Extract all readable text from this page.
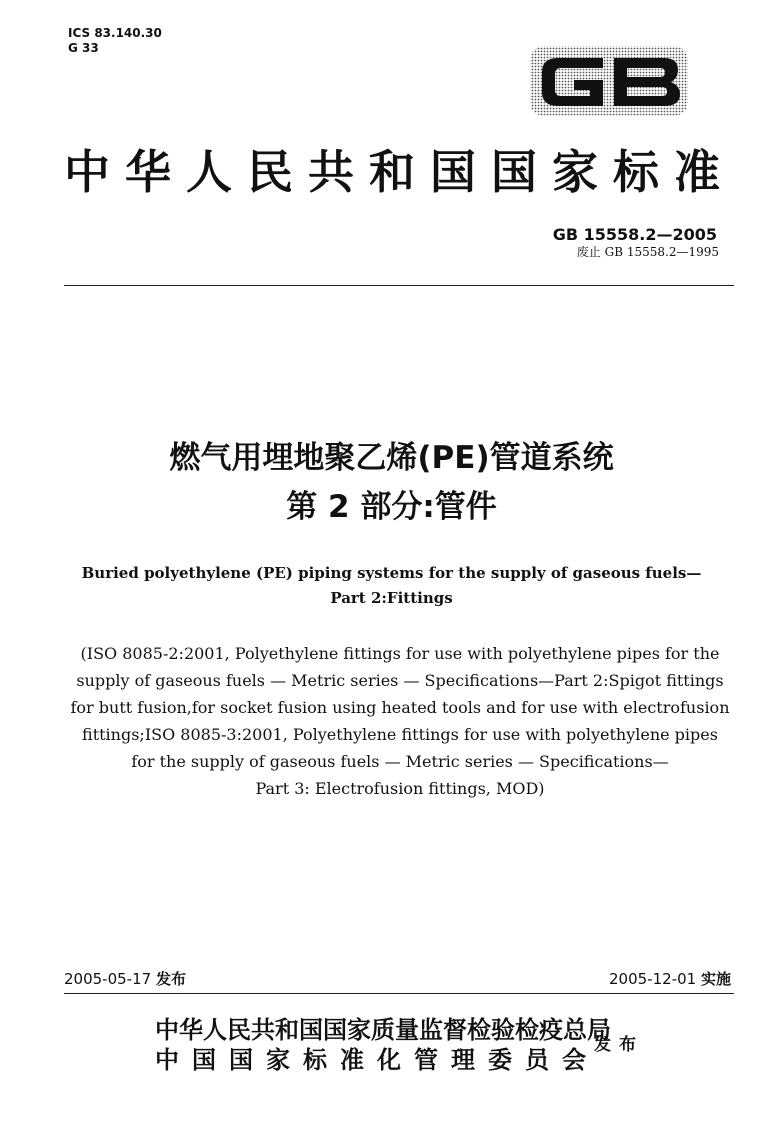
ICS 83.140.30
G 33
中华人民共和国国家标准
GB 15558.2—2005
废止 GB 15558.2—1995
燃气用埋地聚乙烯(PE)管道系统
第 2 部分:管件
Buried polyethylene (PE) piping systems for the supply of gaseous fuels—
Part 2:Fittings
(ISO 8085-2:2001, Polyethylene fittings for use with polyethylene pipes for the
supply of gaseous fuels — Metric series — Specifications—Part 2:Spigot fittings
for butt fusion,for socket fusion using heated tools and for use with electrofusion
fittings;ISO 8085-3:2001, Polyethylene fittings for use with polyethylene pipes
for the supply of gaseous fuels — Metric series — Specifications—
Part 3: Electrofusion fittings, MOD)
2005-05-17 发布	2005-12-01 实施
中华人民共和国国家质量监督检验检疫总局
中国国家标准化管理委员会
发布
